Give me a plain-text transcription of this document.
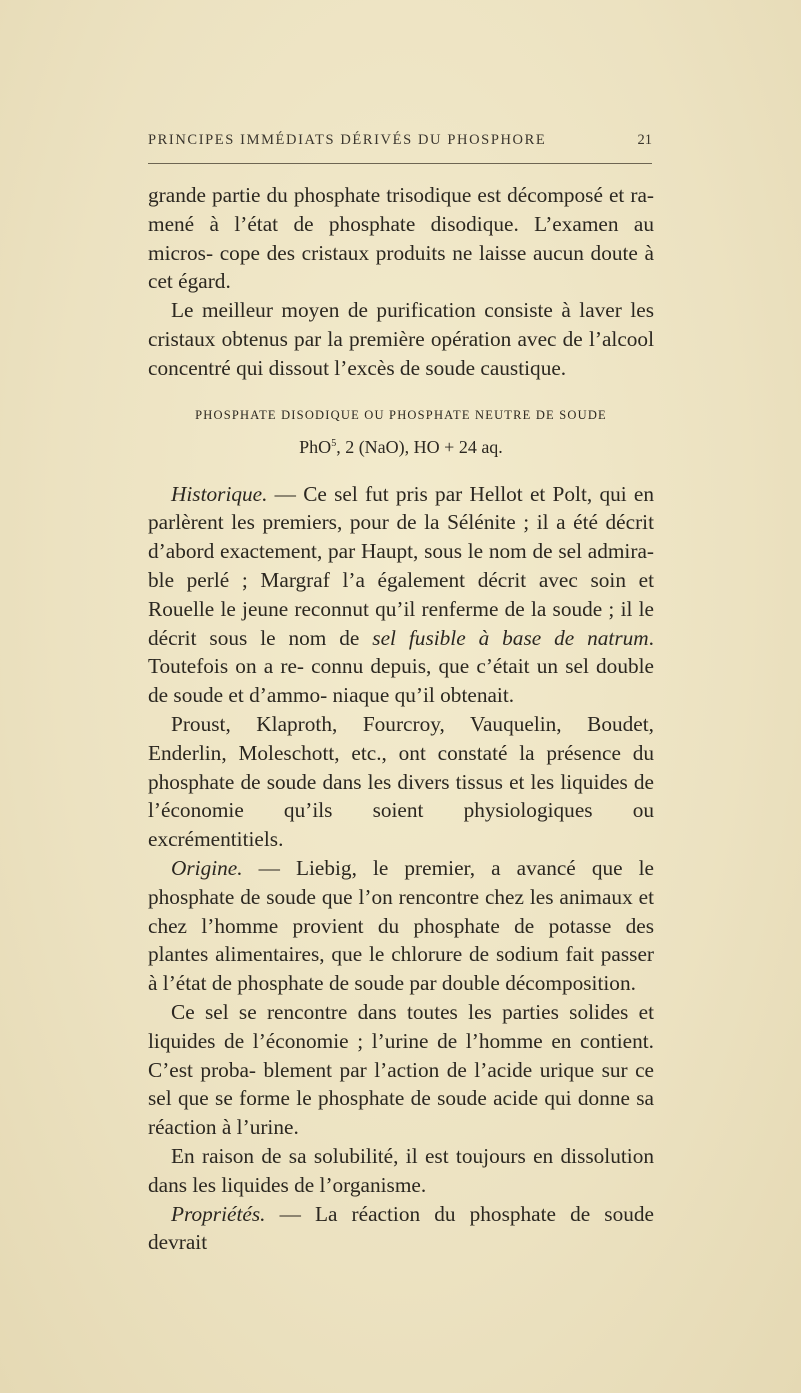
PRINCIPES IMMÉDIATS DÉRIVÉS DU PHOSPHORE	21

grande partie du phosphate trisodique est décomposé et ra- mené à l’état de phosphate disodique. L’examen au micros- cope des cristaux produits ne laisse aucun doute à cet égard.

Le meilleur moyen de purification consiste à laver les cristaux obtenus par la première opération avec de l’alcool concentré qui dissout l’excès de soude caustique.

PHOSPHATE DISODIQUE OU PHOSPHATE NEUTRE DE SOUDE
PhO$^5$, 2 (NaO), HO + 24 aq.

Historique. — Ce sel fut pris par Hellot et Polt, qui en parlèrent les premiers, pour de la Sélénite ; il a été décrit d’abord exactement, par Haupt, sous le nom de sel admira- ble perlé ; Margraf l’a également décrit avec soin et Rouelle le jeune reconnut qu’il renferme de la soude ; il le décrit sous le nom de sel fusible à base de natrum. Toutefois on a re- connu depuis, que c’était un sel double de soude et d’ammo- niaque qu’il obtenait.

Proust, Klaproth, Fourcroy, Vauquelin, Boudet, Enderlin, Moleschott, etc., ont constaté la présence du phosphate de soude dans les divers tissus et les liquides de l’économie qu’ils soient physiologiques ou excrémentitiels.

Origine. — Liebig, le premier, a avancé que le phosphate de soude que l’on rencontre chez les animaux et chez l’homme provient du phosphate de potasse des plantes alimentaires, que le chlorure de sodium fait passer à l’état de phosphate de soude par double décomposition.

Ce sel se rencontre dans toutes les parties solides et liquides de l’économie ; l’urine de l’homme en contient. C’est proba- blement par l’action de l’acide urique sur ce sel que se forme le phosphate de soude acide qui donne sa réaction à l’urine.

En raison de sa solubilité, il est toujours en dissolution dans les liquides de l’organisme.

Propriétés. — La réaction du phosphate de soude devrait
